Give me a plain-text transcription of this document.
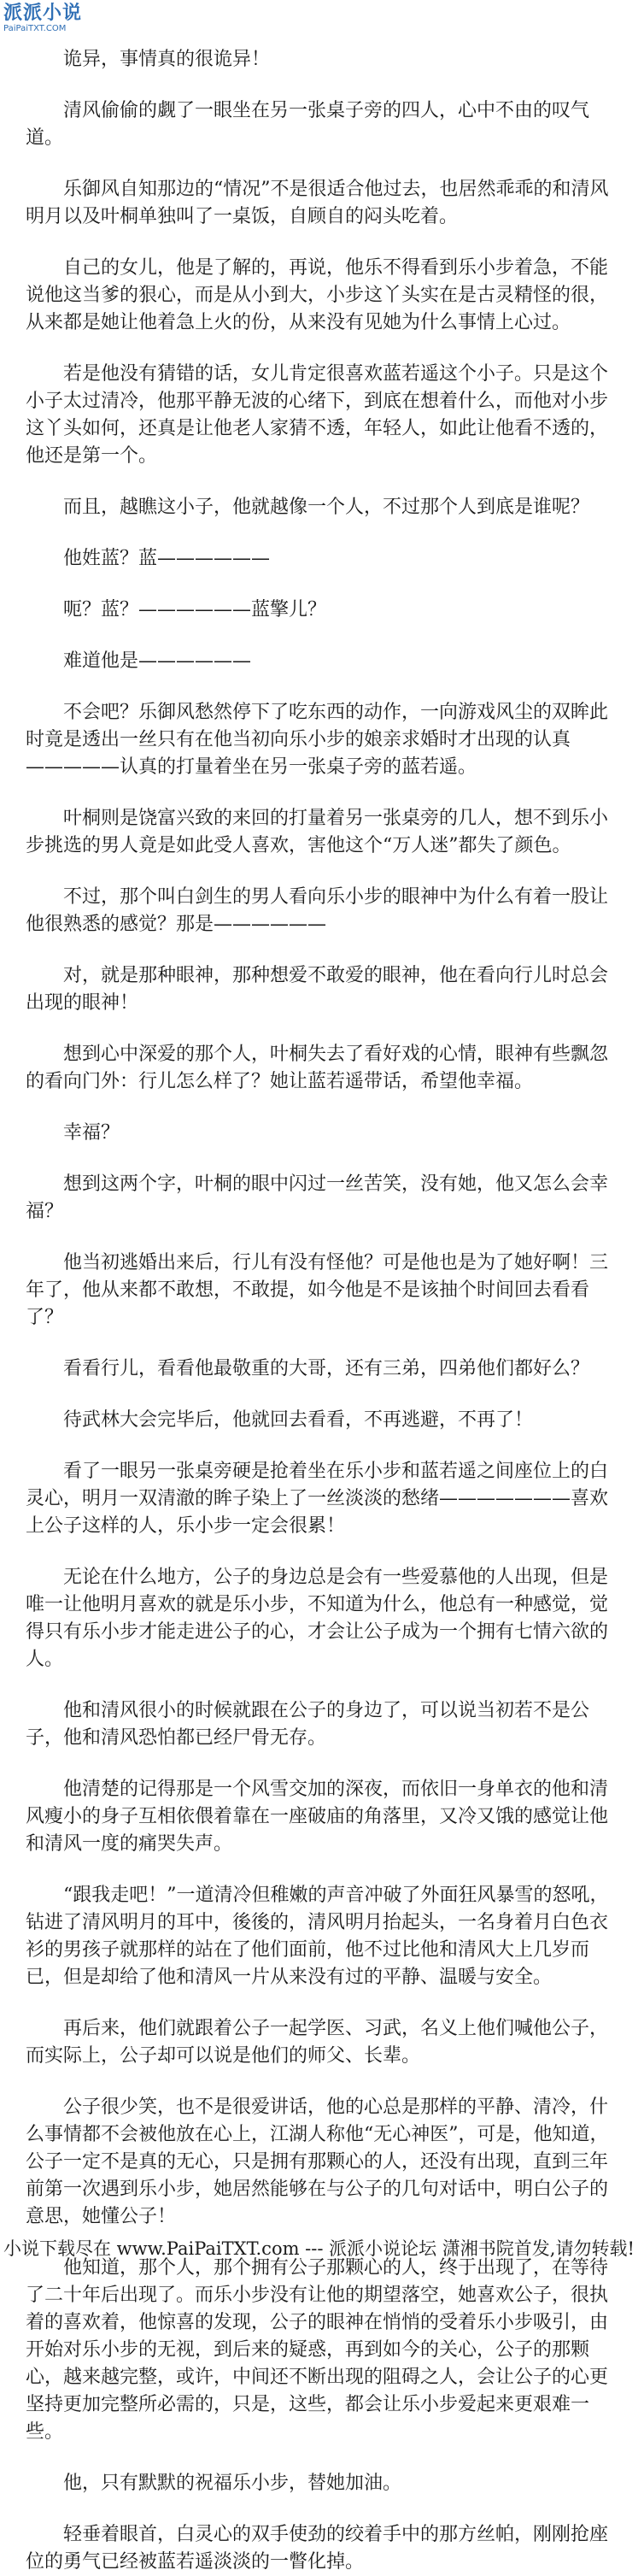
派派小说
PaiPaiTXT.COM

诡异，事情真的很诡异！

清风偷偷的觑了一眼坐在另一张桌子旁的四人，心中不由的叹气道。

乐御风自知那边的“情况”不是很适合他过去，也居然乖乖的和清风明月以及叶桐单独叫了一桌饭，自顾自的闷头吃着。

自己的女儿，他是了解的，再说，他乐不得看到乐小步着急，不能说他这当爹的狠心，而是从小到大，小步这丫头实在是古灵精怪的很，从来都是她让他着急上火的份，从来没有见她为什么事情上心过。

若是他没有猜错的话，女儿肯定很喜欢蓝若遥这个小子。只是这个小子太过清冷，他那平静无波的心绪下，到底在想着什么，而他对小步这丫头如何，还真是让他老人家猜不透，年轻人，如此让他看不透的，他还是第一个。

而且，越瞧这小子，他就越像一个人，不过那个人到底是谁呢？

他姓蓝？蓝——————

呃？蓝？——————蓝擎儿？

难道他是——————

不会吧？乐御风愁然停下了吃东西的动作，一向游戏风尘的双眸此时竟是透出一丝只有在他当初向乐小步的娘亲求婚时才出现的认真—————认真的打量着坐在另一张桌子旁的蓝若遥。

叶桐则是饶富兴致的来回的打量着另一张桌旁的几人，想不到乐小步挑选的男人竟是如此受人喜欢，害他这个“万人迷”都失了颜色。

不过，那个叫白剑生的男人看向乐小步的眼神中为什么有着一股让他很熟悉的感觉？那是——————

对，就是那种眼神，那种想爱不敢爱的眼神，他在看向行儿时总会出现的眼神！

想到心中深爱的那个人，叶桐失去了看好戏的心情，眼神有些飘忽的看向门外：行儿怎么样了？她让蓝若遥带话，希望他幸福。

幸福？

想到这两个字，叶桐的眼中闪过一丝苦笑，没有她，他又怎么会幸福？

他当初逃婚出来后，行儿有没有怪他？可是他也是为了她好啊！三年了，他从来都不敢想，不敢提，如今他是不是该抽个时间回去看看了？

看看行儿，看看他最敬重的大哥，还有三弟，四弟他们都好么？

待武林大会完毕后，他就回去看看，不再逃避，不再了！

看了一眼另一张桌旁硬是抢着坐在乐小步和蓝若遥之间座位上的白灵心，明月一双清澈的眸子染上了一丝淡淡的愁绪———————喜欢上公子这样的人，乐小步一定会很累！

无论在什么地方，公子的身边总是会有一些爱慕他的人出现，但是唯一让他明月喜欢的就是乐小步，不知道为什么，他总有一种感觉，觉得只有乐小步才能走进公子的心，才会让公子成为一个拥有七情六欲的人。

他和清风很小的时候就跟在公子的身边了，可以说当初若不是公子，他和清风恐怕都已经尸骨无存。

他清楚的记得那是一个风雪交加的深夜，而依旧一身单衣的他和清风瘦小的身子互相依偎着靠在一座破庙的角落里，又冷又饿的感觉让他和清风一度的痛哭失声。

“跟我走吧！”一道清冷但稚嫩的声音冲破了外面狂风暴雪的怒吼，钻进了清风明月的耳中，後後的，清风明月抬起头，一名身着月白色衣衫的男孩子就那样的站在了他们面前，他不过比他和清风大上几岁而已，但是却给了他和清风一片从来没有过的平静、温暖与安全。

再后来，他们就跟着公子一起学医、习武，名义上他们喊他公子，而实际上，公子却可以说是他们的师父、长辈。

公子很少笑，也不是很爱讲话，他的心总是那样的平静、清冷，什么事情都不会被他放在心上，江湖人称他“无心神医”，可是，他知道，公子一定不是真的无心，只是拥有那颗心的人，还没有出现，直到三年前第一次遇到乐小步，她居然能够在与公子的几句对话中，明白公子的意思，她懂公子！

他知道，那个人，那个拥有公子那颗心的人，终于出现了，在等待了二十年后出现了。而乐小步没有让他的期望落空，她喜欢公子，很执着的喜欢着，他惊喜的发现，公子的眼神在悄悄的受着乐小步吸引，由开始对乐小步的无视，到后来的疑惑，再到如今的关心，公子的那颗心，越来越完整，或许，中间还不断出现的阻碍之人，会让公子的心更坚持更加完整所必需的，只是，这些，都会让乐小步爱起来更艰难一些。

他，只有默默的祝福乐小步，替她加油。

轻垂着眼首，白灵心的双手使劲的绞着手中的那方丝帕，刚刚抢座位的勇气已经被蓝若遥淡淡的一瞥化掉。

小说下载尽在 www.PaiPaiTXT.com --- 派派小说论坛 潇湘书院首发,请勿转载!
